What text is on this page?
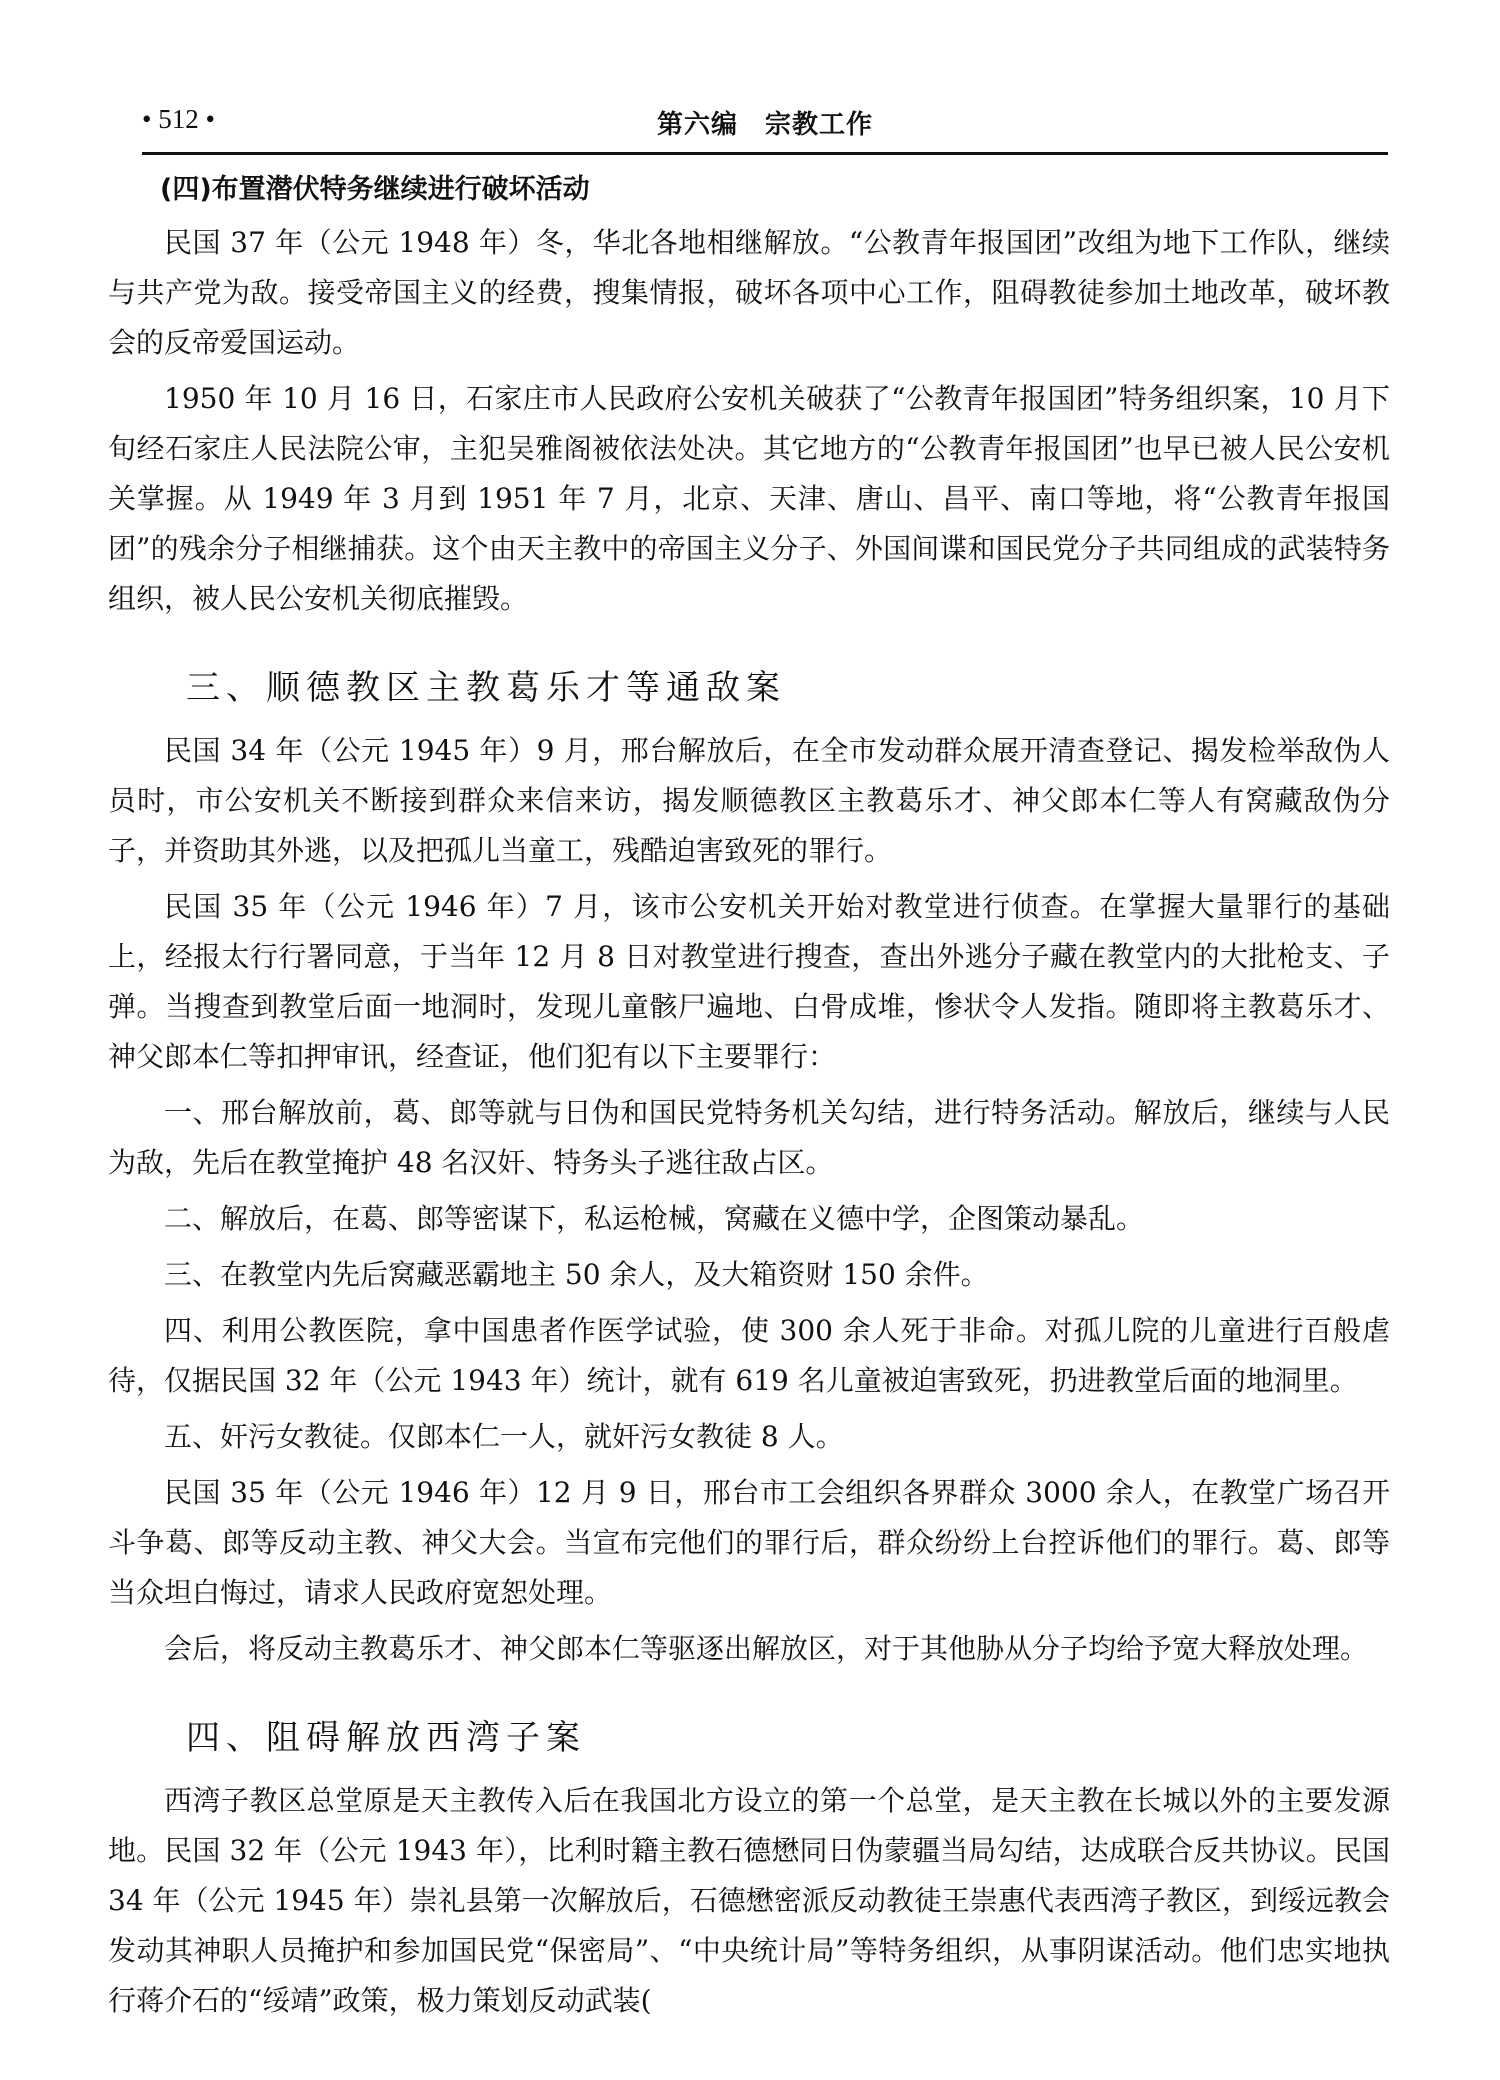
• 512 •	第六编　宗教工作
(四)布置潜伏特务继续进行破坏活动

民国 37 年（公元 1948 年）冬，华北各地相继解放。“公教青年报国团”改组为地下工作队，继续与共产党为敌。接受帝国主义的经费，搜集情报，破坏各项中心工作，阻碍教徒参加土地改革，破坏教会的反帝爱国运动。

1950 年 10 月 16 日，石家庄市人民政府公安机关破获了“公教青年报国团”特务组织案，10 月下旬经石家庄人民法院公审，主犯吴雅阁被依法处决。其它地方的“公教青年报国团”也早已被人民公安机关掌握。从 1949 年 3 月到 1951 年 7 月，北京、天津、唐山、昌平、南口等地，将“公教青年报国团”的残余分子相继捕获。这个由天主教中的帝国主义分子、外国间谍和国民党分子共同组成的武装特务组织，被人民公安机关彻底摧毁。

三、顺德教区主教葛乐才等通敌案

民国 34 年（公元 1945 年）9 月，邢台解放后，在全市发动群众展开清查登记、揭发检举敌伪人员时，市公安机关不断接到群众来信来访，揭发顺德教区主教葛乐才、神父郎本仁等人有窝藏敌伪分子，并资助其外逃，以及把孤儿当童工，残酷迫害致死的罪行。

民国 35 年（公元 1946 年）7 月，该市公安机关开始对教堂进行侦查。在掌握大量罪行的基础上，经报太行行署同意，于当年 12 月 8 日对教堂进行搜查，查出外逃分子藏在教堂内的大批枪支、子弹。当搜查到教堂后面一地洞时，发现儿童骸尸遍地、白骨成堆，惨状令人发指。随即将主教葛乐才、神父郎本仁等扣押审讯，经查证，他们犯有以下主要罪行：

一、邢台解放前，葛、郎等就与日伪和国民党特务机关勾结，进行特务活动。解放后，继续与人民为敌，先后在教堂掩护 48 名汉奸、特务头子逃往敌占区。

二、解放后，在葛、郎等密谋下，私运枪械，窝藏在义德中学，企图策动暴乱。

三、在教堂内先后窝藏恶霸地主 50 余人，及大箱资财 150 余件。

四、利用公教医院，拿中国患者作医学试验，使 300 余人死于非命。对孤儿院的儿童进行百般虐待，仅据民国 32 年（公元 1943 年）统计，就有 619 名儿童被迫害致死，扔进教堂后面的地洞里。

五、奸污女教徒。仅郎本仁一人，就奸污女教徒 8 人。

民国 35 年（公元 1946 年）12 月 9 日，邢台市工会组织各界群众 3000 余人，在教堂广场召开斗争葛、郎等反动主教、神父大会。当宣布完他们的罪行后，群众纷纷上台控诉他们的罪行。葛、郎等当众坦白悔过，请求人民政府宽恕处理。

会后，将反动主教葛乐才、神父郎本仁等驱逐出解放区，对于其他胁从分子均给予宽大释放处理。

四、阻碍解放西湾子案

西湾子教区总堂原是天主教传入后在我国北方设立的第一个总堂，是天主教在长城以外的主要发源地。民国 32 年（公元 1943 年），比利时籍主教石德懋同日伪蒙疆当局勾结，达成联合反共协议。民国 34 年（公元 1945 年）崇礼县第一次解放后，石德懋密派反动教徒王崇惠代表西湾子教区，到绥远教会发动其神职人员掩护和参加国民党“保密局”、“中央统计局”等特务组织，从事阴谋活动。他们忠实地执行蒋介石的“绥靖”政策，极力策划反动武装(
